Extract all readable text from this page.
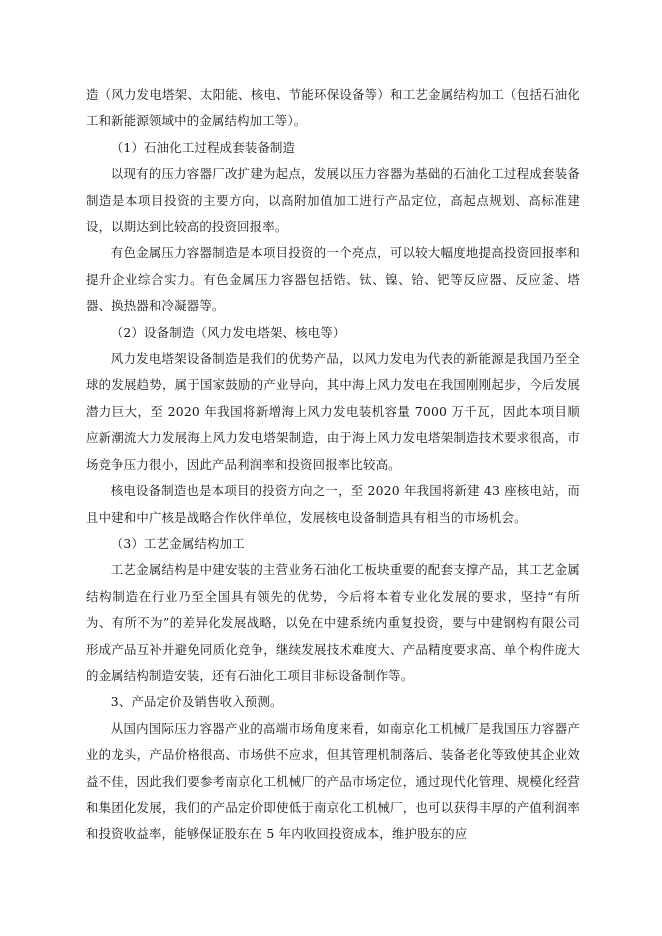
造（风力发电塔架、太阳能、核电、节能环保设备等）和工艺金属结构加工（包括石油化工和新能源领域中的金属结构加工等）。

（1）石油化工过程成套装备制造

以现有的压力容器厂改扩建为起点，发展以压力容器为基础的石油化工过程成套装备制造是本项目投资的主要方向，以高附加值加工进行产品定位，高起点规划、高标准建设，以期达到比较高的投资回报率。

有色金属压力容器制造是本项目投资的一个亮点，可以较大幅度地提高投资回报率和提升企业综合实力。有色金属压力容器包括锆、钛、镍、铪、钯等反应器、反应釜、塔器、换热器和冷凝器等。

（2）设备制造（风力发电塔架、核电等）

风力发电塔架设备制造是我们的优势产品，以风力发电为代表的新能源是我国乃至全球的发展趋势，属于国家鼓励的产业导向，其中海上风力发电在我国刚刚起步，今后发展潜力巨大，至 2020 年我国将新增海上风力发电装机容量 7000 万千瓦，因此本项目顺应新潮流大力发展海上风力发电塔架制造，由于海上风力发电塔架制造技术要求很高，市场竞争压力很小，因此产品利润率和投资回报率比较高。

核电设备制造也是本项目的投资方向之一，至 2020 年我国将新建 43 座核电站，而且中建和中广核是战略合作伙伴单位，发展核电设备制造具有相当的市场机会。

（3）工艺金属结构加工

工艺金属结构是中建安装的主营业务石油化工板块重要的配套支撑产品，其工艺金属结构制造在行业乃至全国具有领先的优势，今后将本着专业化发展的要求，坚持“有所为、有所不为”的差异化发展战略，以免在中建系统内重复投资，要与中建钢构有限公司形成产品互补并避免同质化竞争，继续发展技术难度大、产品精度要求高、单个构件庞大的金属结构制造安装，还有石油化工项目非标设备制作等。

3、产品定价及销售收入预测。

从国内国际压力容器产业的高端市场角度来看，如南京化工机械厂是我国压力容器产业的龙头，产品价格很高、市场供不应求，但其管理机制落后、装备老化等致使其企业效益不佳，因此我们要参考南京化工机械厂的产品市场定位，通过现代化管理、规模化经营和集团化发展，我们的产品定价即使低于南京化工机械厂，也可以获得丰厚的产值利润率和投资收益率，能够保证股东在 5 年内收回投资成本，维护股东的应
